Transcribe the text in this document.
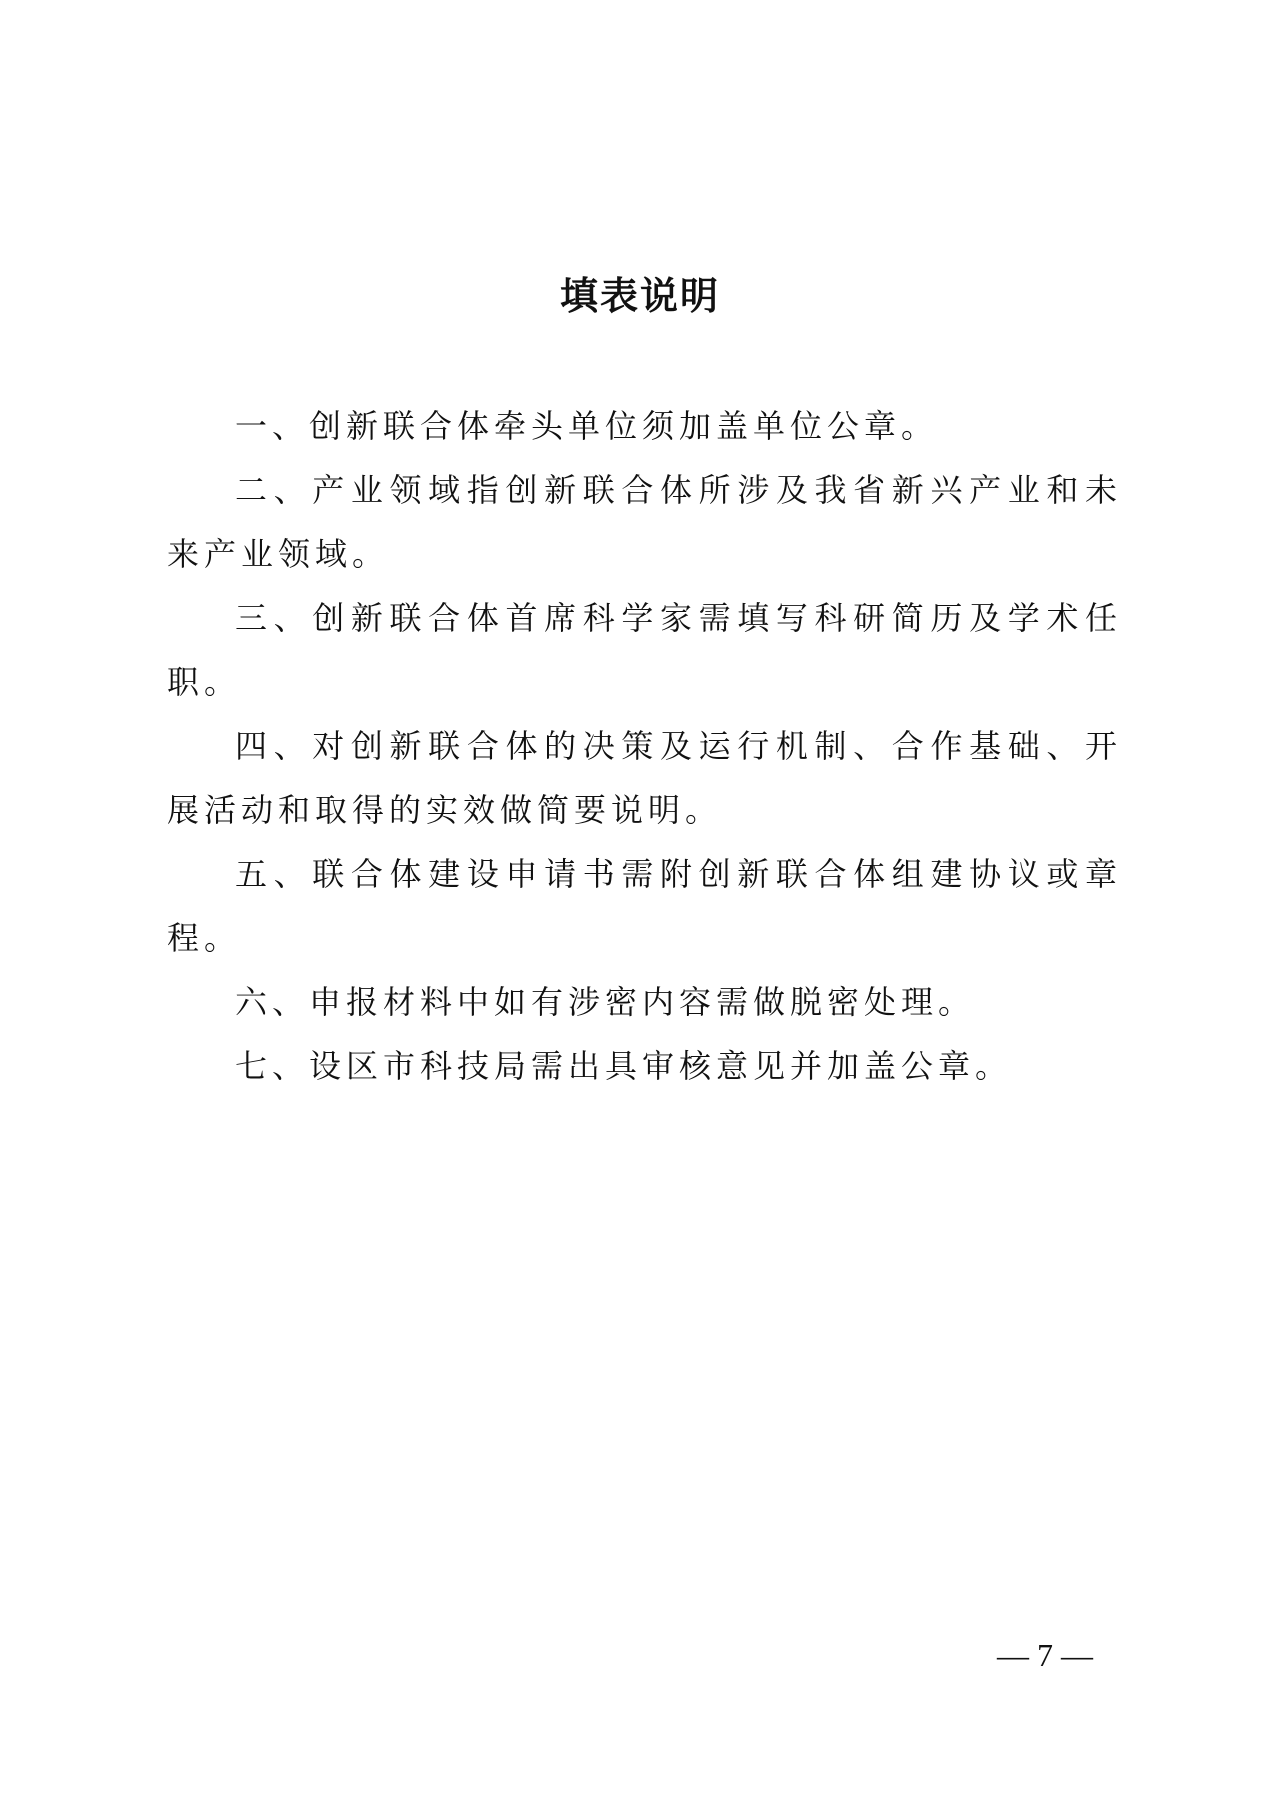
填表说明

一、创新联合体牵头单位须加盖单位公章。

二、产业领域指创新联合体所涉及我省新兴产业和未来产业领域。

三、创新联合体首席科学家需填写科研简历及学术任职。

四、对创新联合体的决策及运行机制、合作基础、开展活动和取得的实效做简要说明。

五、联合体建设申请书需附创新联合体组建协议或章程。

六、申报材料中如有涉密内容需做脱密处理。

七、设区市科技局需出具审核意见并加盖公章。

— 7 —
